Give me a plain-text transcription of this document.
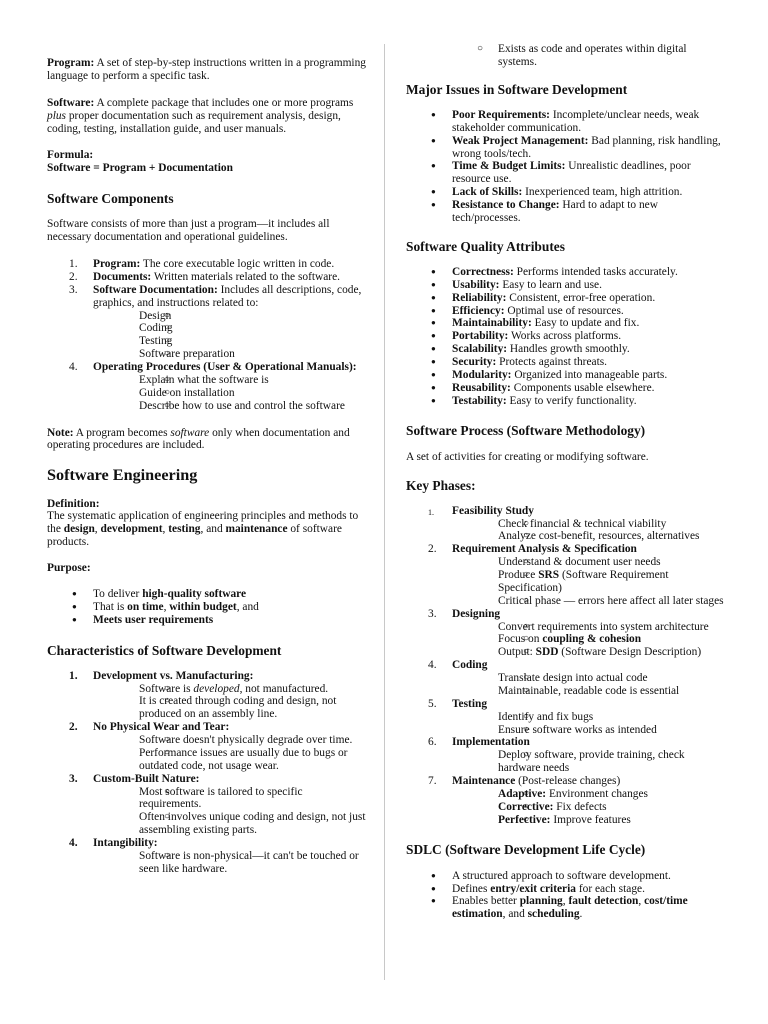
Program: A set of step-by-step instructions written in a programming language to perform a specific task.

Software: A complete package that includes one or more programs plus proper documentation such as requirement analysis, design, coding, testing, installation guide, and user manuals.

Formula:

Software = Program + Documentation

Software Components

Software consists of more than just a program—it includes all necessary documentation and operational guidelines.

1. Program: The core executable logic written in code.
2. Documents: Written materials related to the software.
3. Software Documentation: Includes all descriptions, code, graphics, and instructions related to:
○ Design
○ Coding
○ Testing
○ Software preparation
4. Operating Procedures (User & Operational Manuals):
○ Explain what the software is
○ Guide on installation
○ Describe how to use and control the software

Note: A program becomes software only when documentation and operating procedures are included.

Software Engineering

Definition:

The systematic application of engineering principles and methods to the design, development, testing, and maintenance of software products.

Purpose:

● To deliver high-quality software
● That is on time, within budget, and
● Meets user requirements

Characteristics of Software Development

1. Development vs. Manufacturing:
○ Software is developed, not manufactured.
○ It is created through coding and design, not produced on an assembly line.
2. No Physical Wear and Tear:
○ Software doesn't physically degrade over time.
○ Performance issues are usually due to bugs or outdated code, not usage wear.
3. Custom-Built Nature:
○ Most software is tailored to specific requirements.
○ Often involves unique coding and design, not just assembling existing parts.
4. Intangibility:
○ Software is non-physical—it can't be touched or seen like hardware.
○ Exists as code and operates within digital systems.

Major Issues in Software Development

● Poor Requirements: Incomplete/unclear needs, weak stakeholder communication.
● Weak Project Management: Bad planning, risk handling, wrong tools/tech.
● Time & Budget Limits: Unrealistic deadlines, poor resource use.
● Lack of Skills: Inexperienced team, high attrition.
● Resistance to Change: Hard to adapt to new tech/processes.

Software Quality Attributes

● Correctness: Performs intended tasks accurately.
● Usability: Easy to learn and use.
● Reliability: Consistent, error-free operation.
● Efficiency: Optimal use of resources.
● Maintainability: Easy to update and fix.
● Portability: Works across platforms.
● Scalability: Handles growth smoothly.
● Security: Protects against threats.
● Modularity: Organized into manageable parts.
● Reusability: Components usable elsewhere.
● Testability: Easy to verify functionality.

Software Process (Software Methodology)

A set of activities for creating or modifying software.

Key Phases:

1. Feasibility Study
○ Check financial & technical viability
○ Analyze cost-benefit, resources, alternatives
2. Requirement Analysis & Specification
○ Understand & document user needs
○ Produce SRS (Software Requirement Specification)
○ Critical phase — errors here affect all later stages
3. Designing
○ Convert requirements into system architecture
○ Focus on coupling & cohesion
○ Output: SDD (Software Design Description)
4. Coding
○ Translate design into actual code
○ Maintainable, readable code is essential
5. Testing
○ Identify and fix bugs
○ Ensure software works as intended
6. Implementation
○ Deploy software, provide training, check hardware needs
7. Maintenance (Post-release changes)
○ Adaptive: Environment changes
○ Corrective: Fix defects
○ Perfective: Improve features

SDLC (Software Development Life Cycle)

● A structured approach to software development.
● Defines entry/exit criteria for each stage.
● Enables better planning, fault detection, cost/time estimation, and scheduling.
